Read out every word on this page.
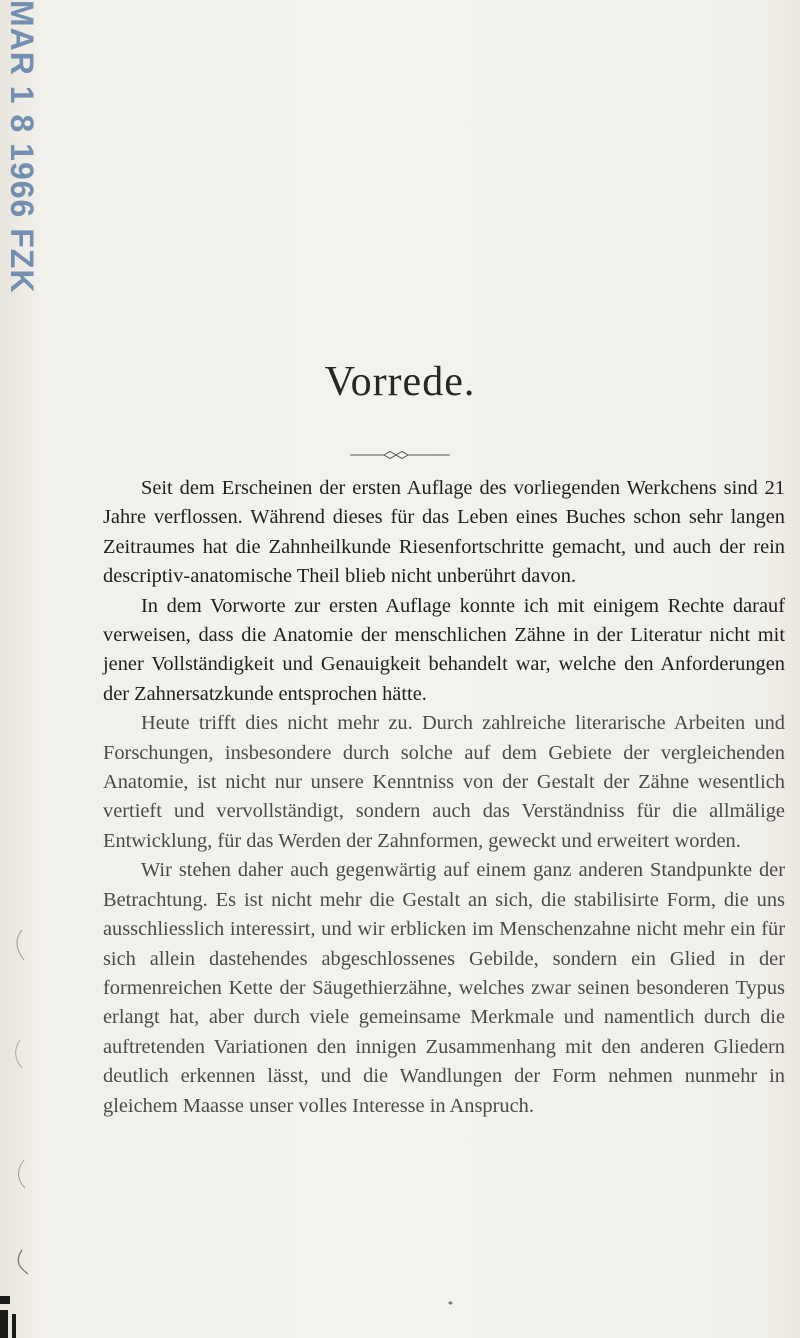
MAR 1 8 1966 FZK
Vorrede.

Seit dem Erscheinen der ersten Auflage des vorliegenden Werkchens sind 21 Jahre verflossen. Während dieses für das Leben eines Buches schon sehr langen Zeitraumes hat die Zahnheilkunde Riesenfortschritte gemacht, und auch der rein descriptiv-anatomische Theil blieb nicht unberührt davon.

In dem Vorworte zur ersten Auflage konnte ich mit einigem Rechte darauf verweisen, dass die Anatomie der menschlichen Zähne in der Literatur nicht mit jener Vollständigkeit und Genauigkeit behandelt war, welche den Anforderungen der Zahnersatzkunde entsprochen hätte.

Heute trifft dies nicht mehr zu. Durch zahlreiche literarische Arbeiten und Forschungen, insbesondere durch solche auf dem Gebiete der vergleichenden Anatomie, ist nicht nur unsere Kenntniss von der Gestalt der Zähne wesentlich vertieft und vervollständigt, sondern auch das Verständniss für die allmälige Entwicklung, für das Werden der Zahnformen, geweckt und erweitert worden.

Wir stehen daher auch gegenwärtig auf einem ganz anderen Standpunkte der Betrachtung. Es ist nicht mehr die Gestalt an sich, die stabilisirte Form, die uns ausschliesslich interessirt, und wir erblicken im Menschenzahne nicht mehr ein für sich allein dastehendes abgeschlossenes Gebilde, sondern ein Glied in der formenreichen Kette der Säugethierzähne, welches zwar seinen besonderen Typus erlangt hat, aber durch viele gemeinsame Merkmale und namentlich durch die auftretenden Variationen den innigen Zusammenhang mit den anderen Gliedern deutlich erkennen lässt, und die Wandlungen der Form nehmen nunmehr in gleichem Maasse unser volles Interesse in Anspruch.

*
